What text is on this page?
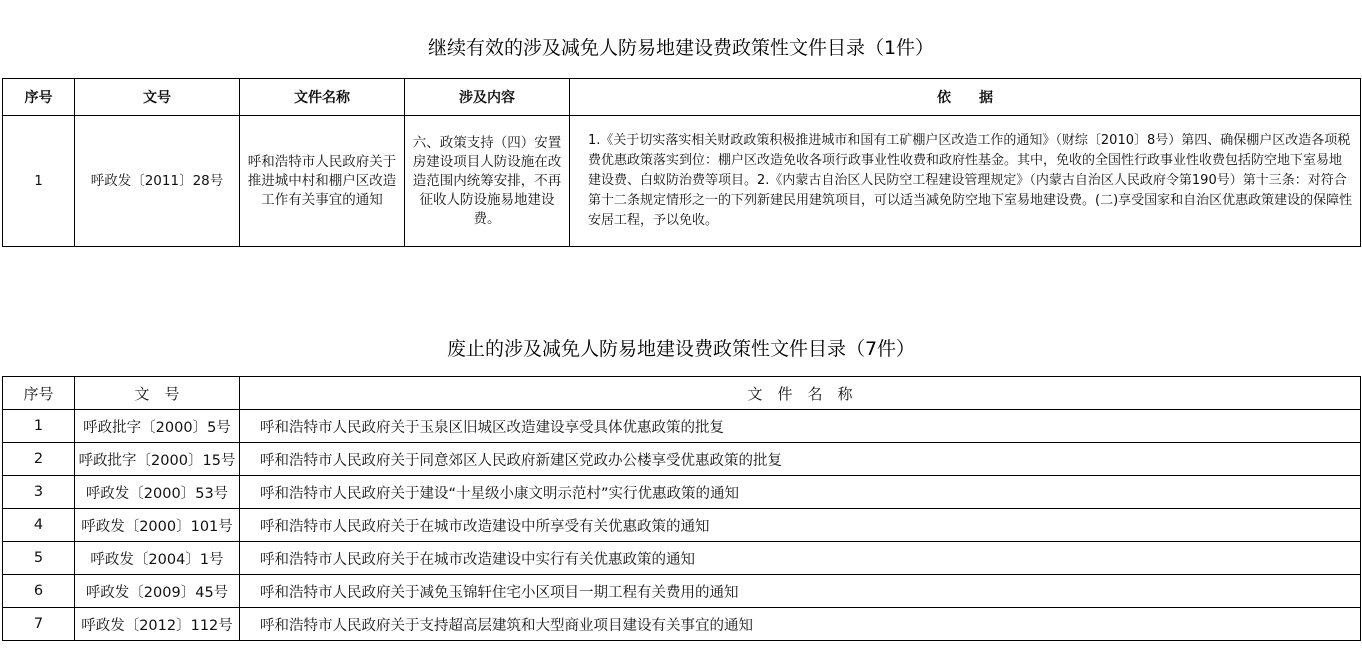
继续有效的涉及减免人防易地建设费政策性文件目录（1件）
序号	文号	文件名称	涉及内容	依　　据
1	呼政发〔2011〕28号	呼和浩特市人民政府关于推进城中村和棚户区改造工作有关事宜的通知	六、政策支持（四）安置房建设项目人防设施在改造范围内统筹安排，不再征收人防设施易地建设费。	1.《关于切实落实相关财政政策积极推进城市和国有工矿棚户区改造工作的通知》（财综〔2010〕8号）第四、确保棚户区改造各项税费优惠政策落实到位：棚户区改造免收各项行政事业性收费和政府性基金。其中，免收的全国性行政事业性收费包括防空地下室易地建设费、白蚁防治费等项目。2.《内蒙古自治区人民防空工程建设管理规定》（内蒙古自治区人民政府令第190号）第十三条：对符合第十二条规定情形之一的下列新建民用建筑项目，可以适当减免防空地下室易地建设费。(二)享受国家和自治区优惠政策建设的保障性安居工程，予以免收。
废止的涉及减免人防易地建设费政策性文件目录（7件）
序号	文　号	文　件　名　称
1	呼政批字〔2000〕5号	呼和浩特市人民政府关于玉泉区旧城区改造建设享受具体优惠政策的批复
2	呼政批字〔2000〕15号	呼和浩特市人民政府关于同意郊区人民政府新建区党政办公楼享受优惠政策的批复
3	呼政发〔2000〕53号	呼和浩特市人民政府关于建设“十星级小康文明示范村”实行优惠政策的通知
4	呼政发〔2000〕101号	呼和浩特市人民政府关于在城市改造建设中所享受有关优惠政策的通知
5	呼政发〔2004〕1号	呼和浩特市人民政府关于在城市改造建设中实行有关优惠政策的通知
6	呼政发〔2009〕45号	呼和浩特市人民政府关于减免玉锦轩住宅小区项目一期工程有关费用的通知
7	呼政发〔2012〕112号	呼和浩特市人民政府关于支持超高层建筑和大型商业项目建设有关事宜的通知
